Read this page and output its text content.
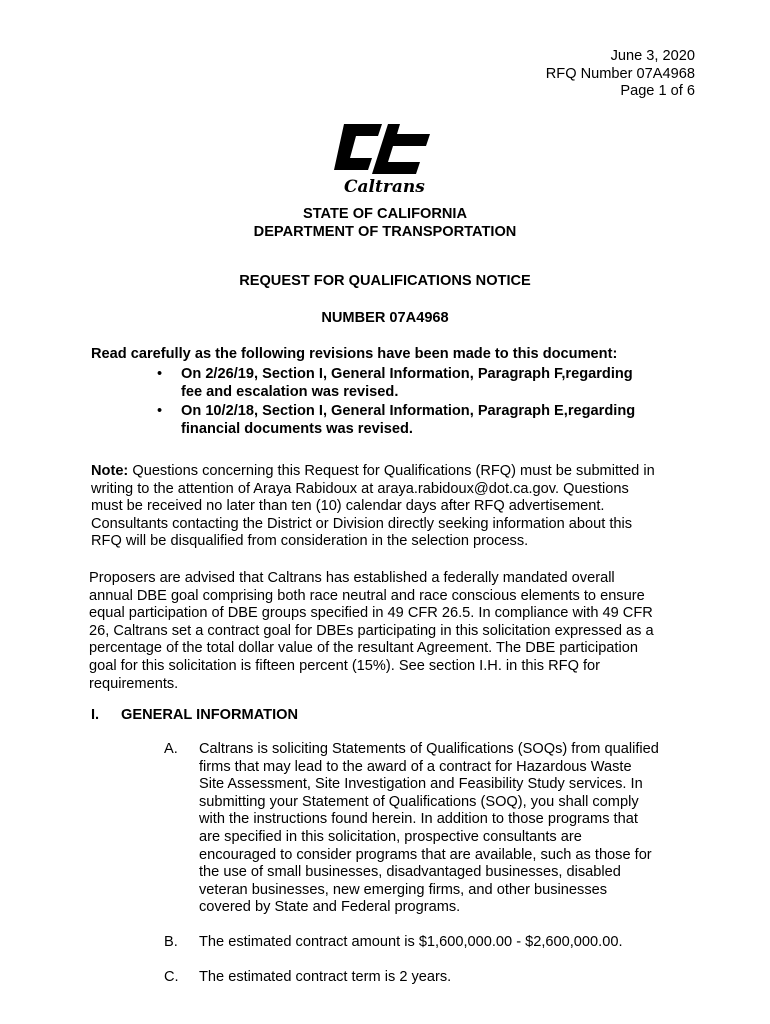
June 3, 2020
RFQ Number 07A4968
Page 1 of 6
Caltrans
STATE OF CALIFORNIA
DEPARTMENT OF TRANSPORTATION
REQUEST FOR QUALIFICATIONS NOTICE
NUMBER 07A4968
Read carefully as the following revisions have been made to this document:
• On 2/26/19, Section I, General Information, Paragraph F,regarding
fee and escalation was revised.
• On 10/2/18, Section I, General Information, Paragraph E,regarding
financial documents was revised.
Note: Questions concerning this Request for Qualifications (RFQ) must be submitted in
writing to the attention of Araya Rabidoux at araya.rabidoux@dot.ca.gov. Questions
must be received no later than ten (10) calendar days after RFQ advertisement.
Consultants contacting the District or Division directly seeking information about this
RFQ will be disqualified from consideration in the selection process.
Proposers are advised that Caltrans has established a federally mandated overall
annual DBE goal comprising both race neutral and race conscious elements to ensure
equal participation of DBE groups specified in 49 CFR 26.5. In compliance with 49 CFR
26, Caltrans set a contract goal for DBEs participating in this solicitation expressed as a
percentage of the total dollar value of the resultant Agreement. The DBE participation
goal for this solicitation is fifteen percent (15%). See section I.H. in this RFQ for
requirements.
I. GENERAL INFORMATION
A. Caltrans is soliciting Statements of Qualifications (SOQs) from qualified
firms that may lead to the award of a contract for Hazardous Waste
Site Assessment, Site Investigation and Feasibility Study services. In
submitting your Statement of Qualifications (SOQ), you shall comply
with the instructions found herein. In addition to those programs that
are specified in this solicitation, prospective consultants are
encouraged to consider programs that are available, such as those for
the use of small businesses, disadvantaged businesses, disabled
veteran businesses, new emerging firms, and other businesses
covered by State and Federal programs.
B. The estimated contract amount is $1,600,000.00 - $2,600,000.00.
C. The estimated contract term is 2 years.
